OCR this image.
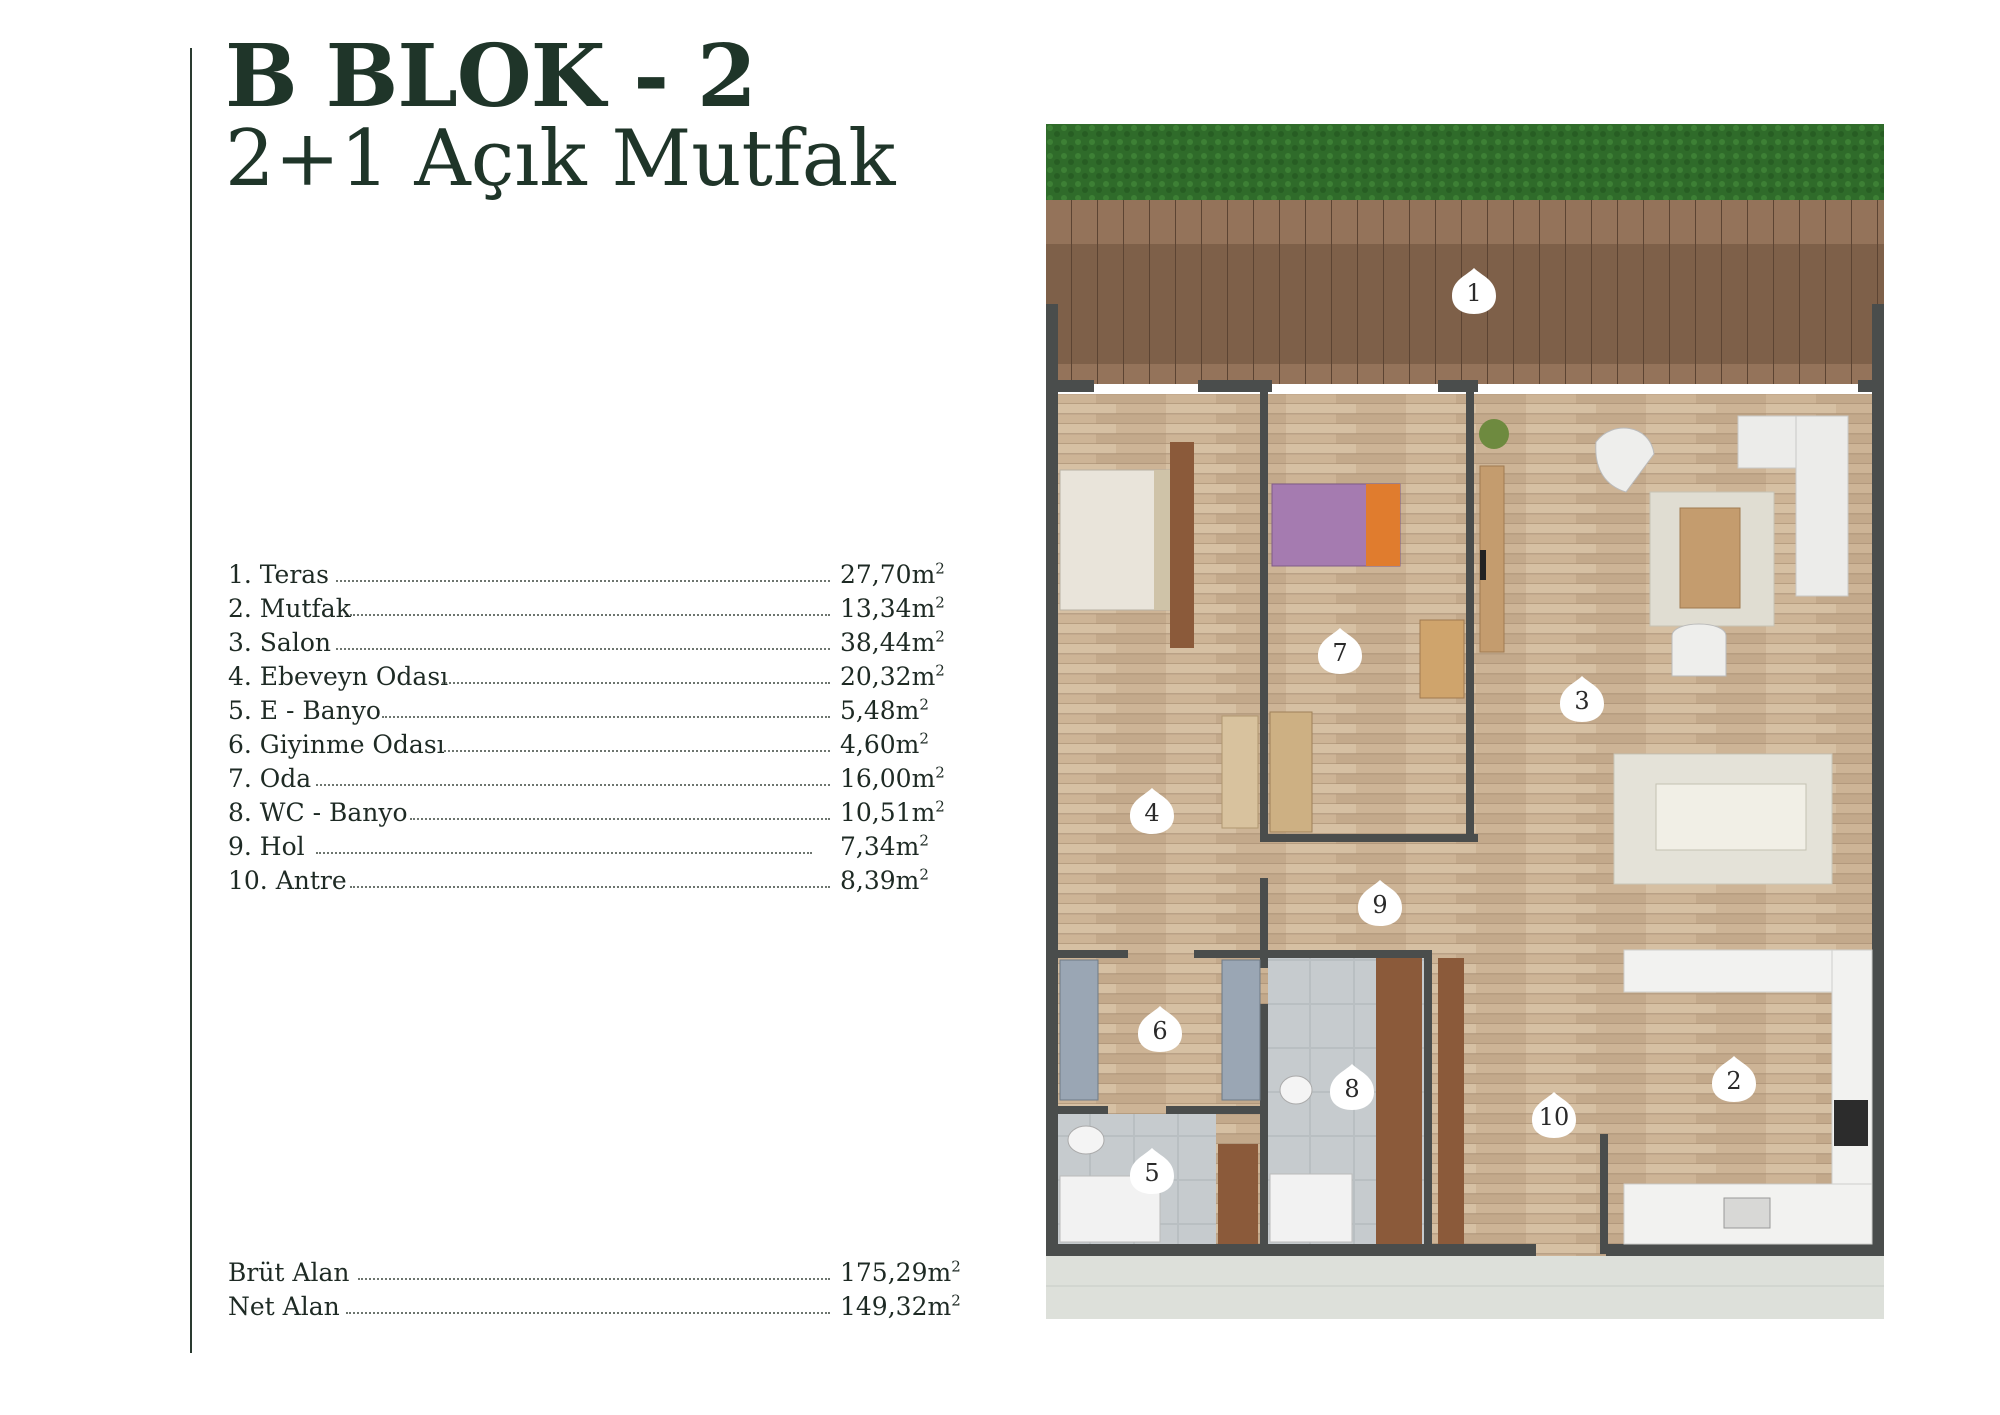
B BLOK - 2
2+1 Açık Mutfak
1. Teras	$27,70m^2$
2. Mutfak	$13,34m^2$
3. Salon	$38,44m^2$
4. Ebeveyn Odası	$20,32m^2$
5. E - Banyo	$5,48m^2$
6. Giyinme Odası	$4,60m^2$
7. Oda	$16,00m^2$
8. WC - Banyo	$10,51m^2$
9. Hol	$7,34m^2$
10. Antre	$8,39m^2$
Brüt Alan	$175,29m^2$
Net Alan	$149,32m^2$
1
2
3
4
5
6
7
8
9
10
